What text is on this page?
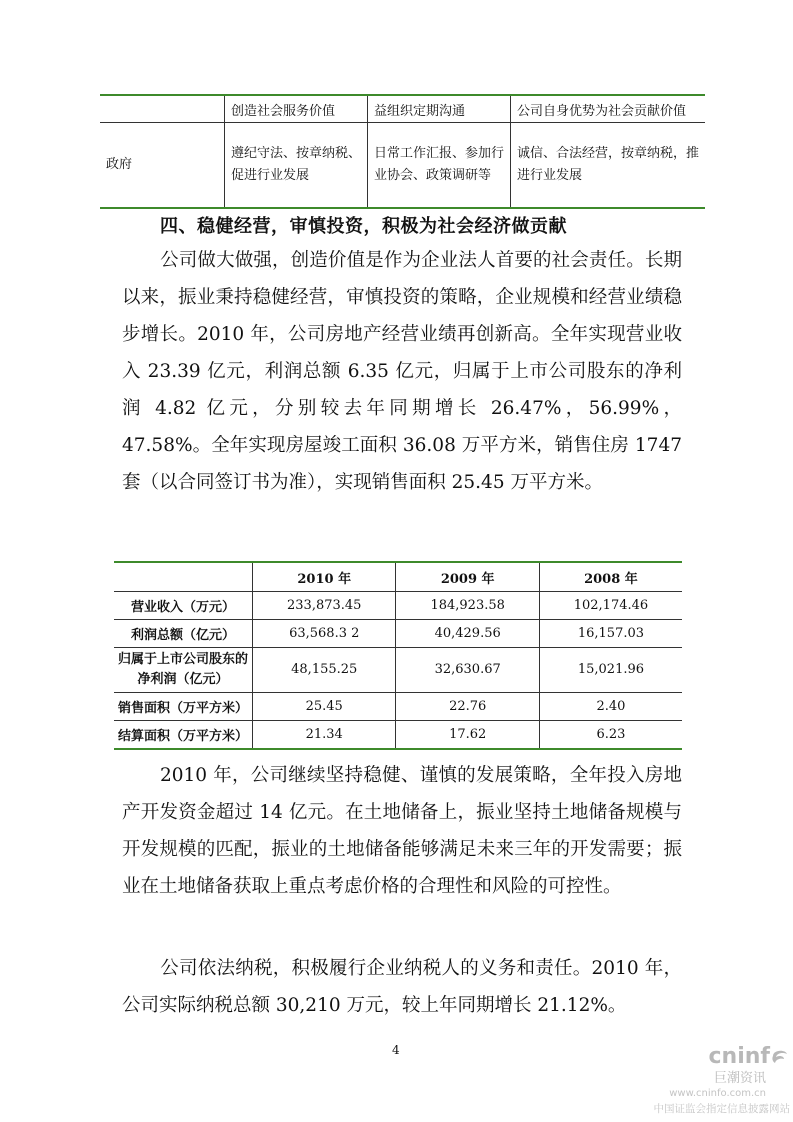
	创造社会服务价值	益组织定期沟通	公司自身优势为社会贡献价值
政府	遵纪守法、按章纳税、促进行业发展	日常工作汇报、参加行业协会、政策调研等	诚信、合法经营，按章纳税，推进行业发展
四、稳健经营，审慎投资，积极为社会经济做贡献

公司做大做强，创造价值是作为企业法人首要的社会责任。长期以来，振业秉持稳健经营，审慎投资的策略，企业规模和经营业绩稳步增长。2010 年，公司房地产经营业绩再创新高。全年实现营业收入 23.39 亿元，利润总额 6.35 亿元，归属于上市公司股东的净利润 4.82 亿元，分别较去年同期增长 26.47%，56.99%，47.58%。全年实现房屋竣工面积 36.08 万平方米，销售住房 1747 套（以合同签订书为准），实现销售面积 25.45 万平方米。

	2010 年	2009 年	2008 年
营业收入（万元）	233,873.45	184,923.58	102,174.46
利润总额（亿元）	63,568.3 2	40,429.56	16,157.03
归属于上市公司股东的净利润（亿元）	48,155.25	32,630.67	15,021.96
销售面积（万平方米）	25.45	22.76	2.40
结算面积（万平方米）	21.34	17.62	6.23

2010 年，公司继续坚持稳健、谨慎的发展策略，全年投入房地产开发资金超过 14 亿元。在土地储备上，振业坚持土地储备规模与开发规模的匹配，振业的土地储备能够满足未来三年的开发需要；振业在土地储备获取上重点考虑价格的合理性和风险的可控性。

公司依法纳税，积极履行企业纳税人的义务和责任。2010 年，公司实际纳税总额 30,210 万元，较上年同期增长 21.12%。

4	cninf
巨潮资讯
www.cninfo.com.cn
中国证监会指定信息披露网站
